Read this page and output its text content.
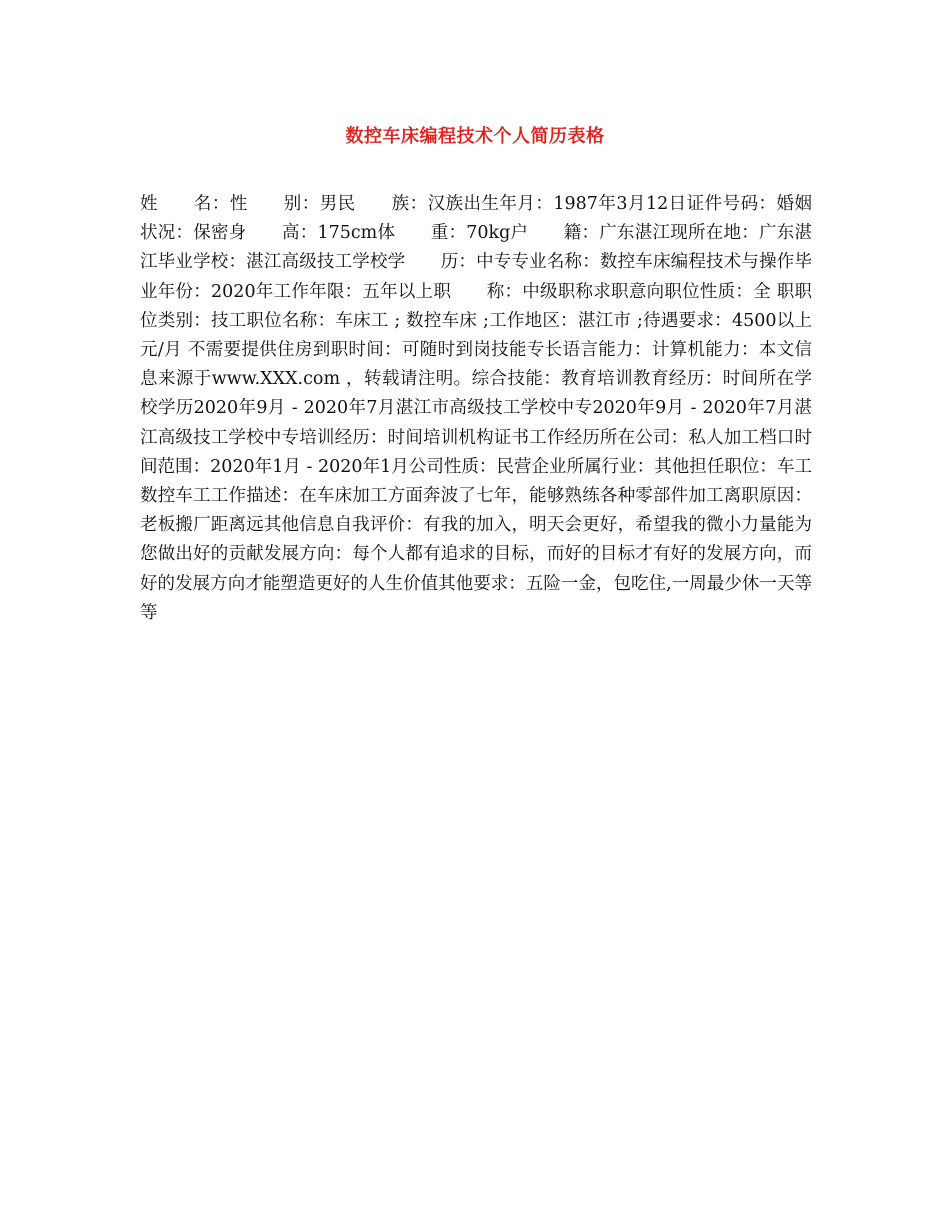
数控车床编程技术个人简历表格

姓　　名：性　　别：男民　　族：汉族出生年月：1987年3月12日证件号码：婚姻状况：保密身　　高：175cm体　　重：70kg户　　籍：广东湛江现所在地：广东湛江毕业学校：湛江高级技工学校学　　历：中专专业名称：数控车床编程技术与操作毕业年份：2020年工作年限：五年以上职　　称：中级职称求职意向职位性质：全 职职位类别：技工职位名称：车床工 ; 数控车床 ;工作地区：湛江市 ;待遇要求：4500以上元/月 不需要提供住房到职时间：可随时到岗技能专长语言能力：计算机能力：本文信息来源于www.XXX.com ，转载请注明。综合技能：教育培训教育经历：时间所在学校学历2020年9月 - 2020年7月湛江市高级技工学校中专2020年9月 - 2020年7月湛江高级技工学校中专培训经历：时间培训机构证书工作经历所在公司：私人加工档口时间范围：2020年1月 - 2020年1月公司性质：民营企业所属行业：其他担任职位：车工数控车工工作描述：在车床加工方面奔波了七年，能够熟练各种零部件加工离职原因：老板搬厂距离远其他信息自我评价：有我的加入，明天会更好，希望我的微小力量能为您做出好的贡献发展方向：每个人都有追求的目标，而好的目标才有好的发展方向，而好的发展方向才能塑造更好的人生价值其他要求：五险一金，包吃住,一周最少休一天等等
